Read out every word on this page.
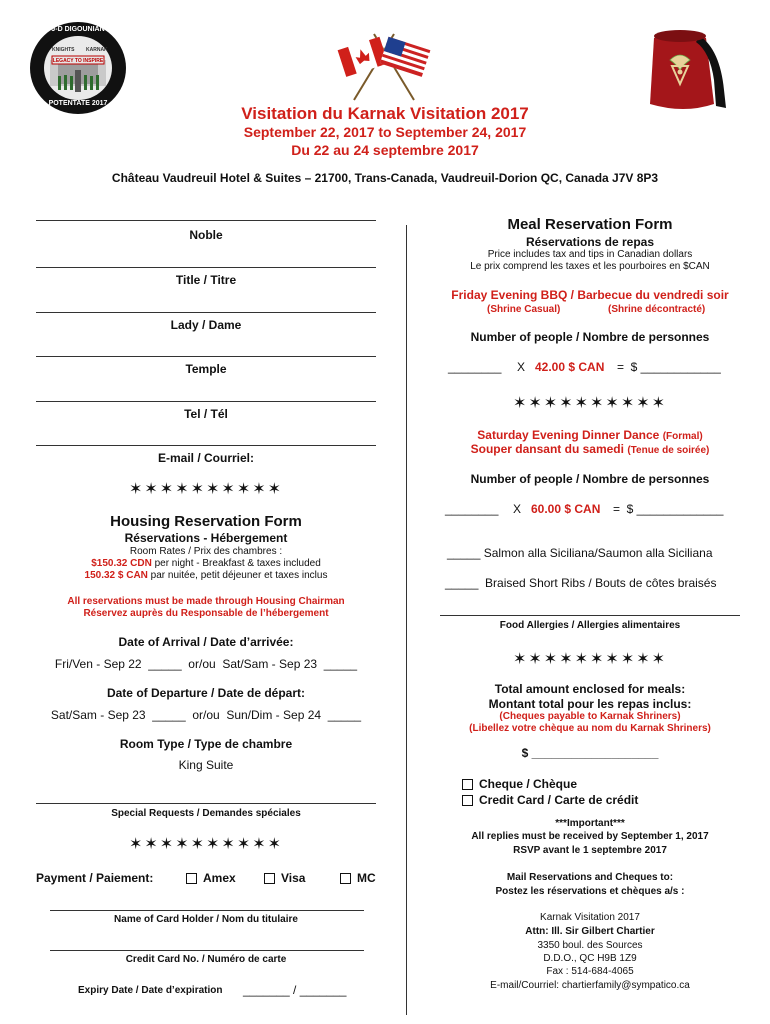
J-D DIGOUNIAN
KNIGHTS KARNAK
LEGACY TO INSPIRE
POTENTATE 2017
Visitation du Karnak Visitation 2017
September 22, 2017 to September 24, 2017
Du 22 au 24 septembre 2017
Château Vaudreuil Hotel & Suites – 21700, Trans-Canada, Vaudreuil-Dorion QC, Canada J7V 8P3
Noble
Title / Titre
Lady / Dame
Temple
Tel / Tél
E-mail / Courriel:
✶✶✶✶✶✶✶✶✶✶
Housing Reservation Form
Réservations - Hébergement
Room Rates / Prix des chambres :
$150.32 CDN per night - Breakfast & taxes included
150.32 $ CAN par nuitée, petit déjeuner et taxes inclus
All reservations must be made through Housing Chairman
Réservez auprès du Responsable de l’hébergement
Date of Arrival / Date d’arrivée:
Fri/Ven - Sep 22  _____  or/ou  Sat/Sam - Sep 23  _____
Date of Departure / Date de départ:
Sat/Sam - Sep 23  _____  or/ou  Sun/Dim - Sep 24  _____
Room Type / Type de chambre
King Suite
Special Requests / Demandes spéciales
✶✶✶✶✶✶✶✶✶✶
Payment / Paiement:	Amex	Visa	MC
Name of Card Holder / Nom du titulaire
Credit Card No. / Numéro de carte
Expiry Date / Date d’expiration _______ / _______
Meal Reservation Form
Réservations de repas
Price includes tax and tips in Canadian dollars
Le prix comprend les taxes et les pourboires en $CAN
Friday Evening BBQ / Barbecue du vendredi soir
(Shrine Casual)	(Shrine décontracté)
Number of people / Nombre de personnes
________ X 42.00 $ CAN =  $ ____________
✶✶✶✶✶✶✶✶✶✶
Saturday Evening Dinner Dance (Formal)
Souper dansant du samedi (Tenue de soirée)
Number of people / Nombre de personnes
________ X 60.00 $ CAN =  $ _____________
_____ Salmon alla Siciliana/Saumon alla Siciliana
_____  Braised Short Ribs / Bouts de côtes braisés
Food Allergies / Allergies alimentaires
✶✶✶✶✶✶✶✶✶✶
Total amount enclosed for meals:
Montant total pour les repas inclus:
(Cheques payable to Karnak Shriners)
(Libellez votre chèque au nom du Karnak Shriners)
$ ___________________
Cheque / Chèque
Credit Card / Carte de crédit
***Important***
All replies must be received by September 1, 2017
RSVP avant le 1 septembre 2017
Mail Reservations and Cheques to:
Postez les réservations et chèques a/s :
Karnak Visitation 2017
Attn: Ill. Sir Gilbert Chartier
3350 boul. des Sources
D.D.O., QC H9B 1Z9
Fax : 514-684-4065
E-mail/Courriel: chartierfamily@sympatico.ca
